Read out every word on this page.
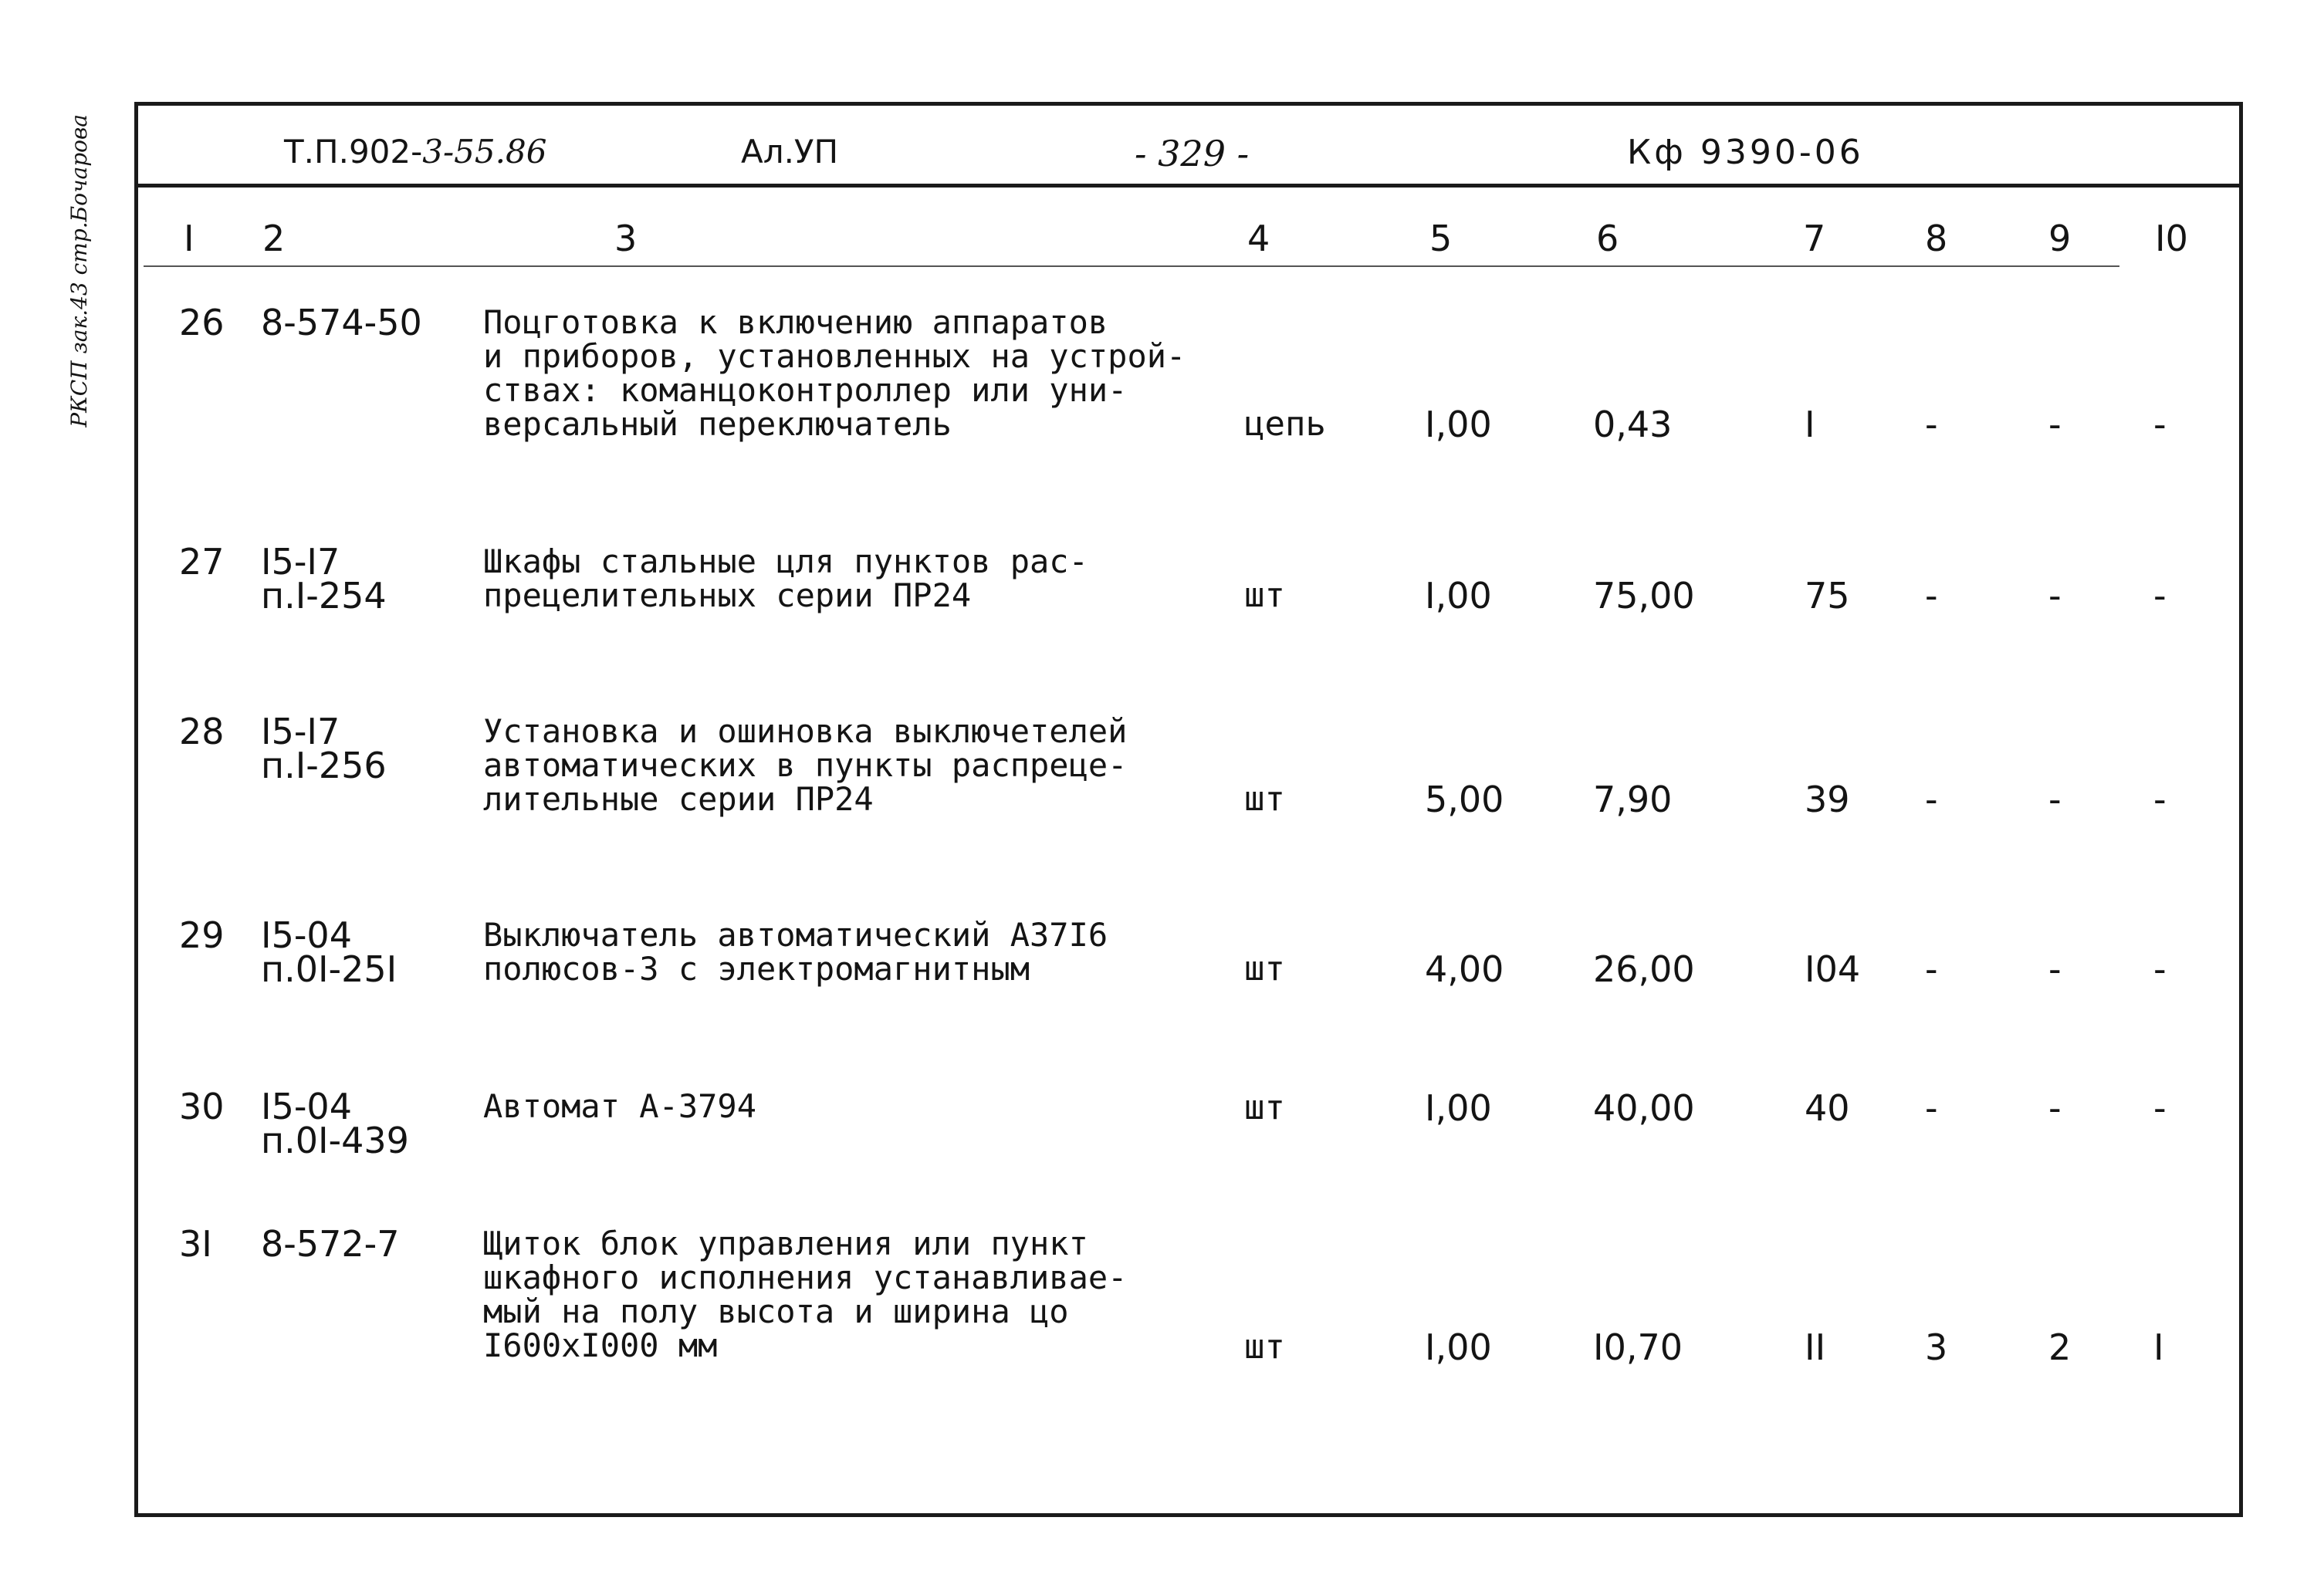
РКСП зак.43 стр.Бочарова	Т.П.902-3-55.86	Ал.УП	- 329 -	Кф 9390-06
I 2	3	4	5	6	7	8	9 I0
26 8-574-50 Поцготовка к включению аппаратов
и приборов, установленных на устрой-
ствах: команцоконтроллер или уни-
версальный переключатель	цепь	I,00	0,43	I	-	-	-
27 I5-I7
п.I-254
Шкафы стальные цля пунктов рас-
прецелительных серии ПР24	шт	I,00	75,00	75 -	-	-
28 I5-I7
п.I-256
Установка и ошиновка выключетелей
автоматических в пункты распреце-
лительные серии ПР24	шт	5,00	7,90	39 -	-	-
29 I5-04
п.0I-25I
Выключатель автоматический А37I6
полюсов-3 с электромагнитным	шт	4,00	26,00	I04 -	-	-
30 I5-04
п.0I-439
Автомат А-3794	шт	I,00	40,00	40 -	-	-
3I 8-572-7	Щиток блок управления или пункт
шкафного исполнения устанавливае-
мый на полу высота и ширина цо
I600хI000 мм	шт	I,00	I0,70	II	3	2 I
